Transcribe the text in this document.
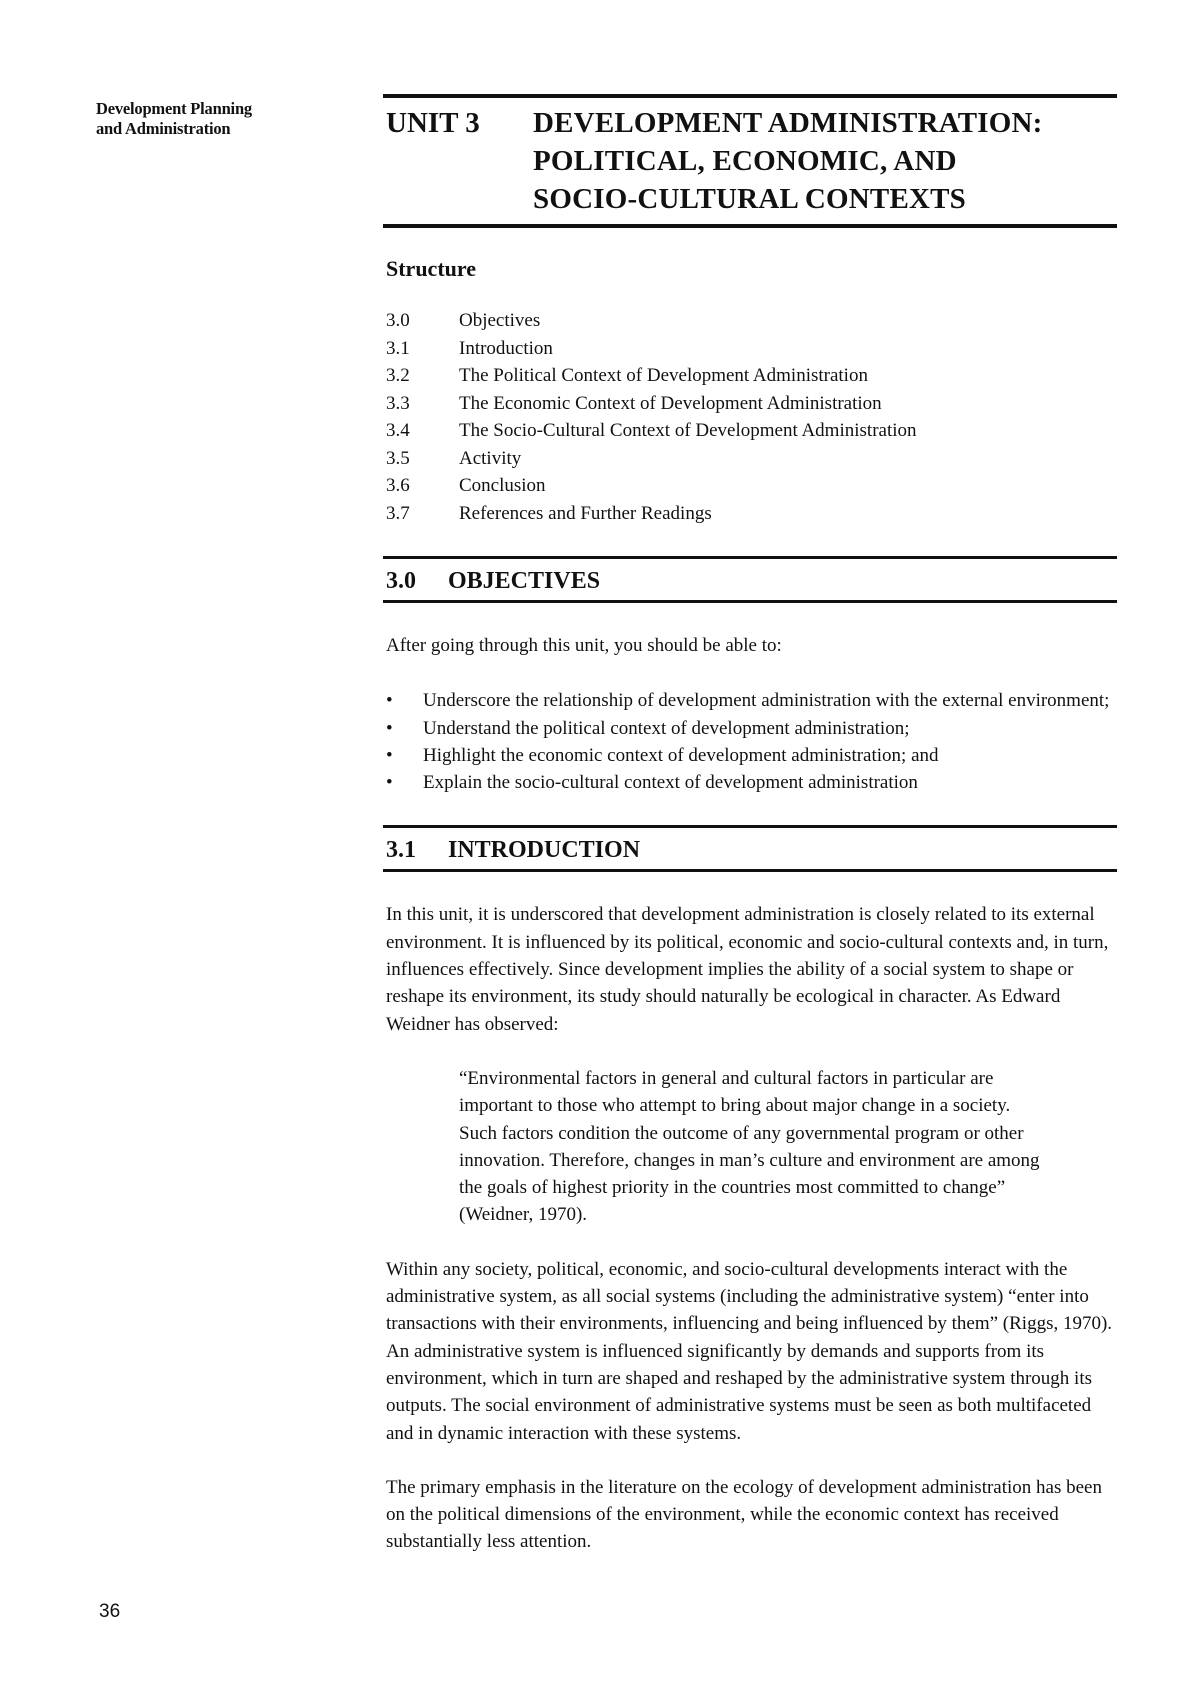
Development Planning
and Administration
36
UNIT 3	DEVELOPMENT ADMINISTRATION:
POLITICAL, ECONOMIC, AND
SOCIO-CULTURAL CONTEXTS
Structure
3.0	Objectives
3.1	Introduction
3.2	The Political Context of Development Administration
3.3	The Economic Context of Development Administration
3.4	The Socio-Cultural Context of Development Administration
3.5	Activity
3.6	Conclusion
3.7	References and Further Readings
3.0	OBJECTIVES

After going through this unit, you should be able to:

•	Underscore the relationship of development administration with the external environment;
•	Understand the political context of development administration;
•	Highlight the economic context of development administration; and
•	Explain the socio-cultural context of development administration
3.1	INTRODUCTION

In this unit, it is underscored that development administration is closely related to its external environment. It is influenced by its political, economic and socio-cultural contexts and, in turn, influences effectively. Since development implies the ability of a social system to shape or reshape its environment, its study should naturally be ecological in character. As Edward Weidner has observed:

“Environmental factors in general and cultural factors in particular are important to those who attempt to bring about major change in a society. Such factors condition the outcome of any governmental program or other innovation. Therefore, changes in man’s culture and environment are among the goals of highest priority in the countries most committed to change” (Weidner, 1970).

Within any society, political, economic, and socio-cultural developments interact with the administrative system, as all social systems (including the administrative system) “enter into transactions with their environments, influencing and being influenced by them” (Riggs, 1970). An administrative system is influenced significantly by demands and supports from its environment, which in turn are shaped and reshaped by the administrative system through its outputs. The social environment of administrative systems must be seen as both multifaceted and in dynamic interaction with these systems.

The primary emphasis in the literature on the ecology of development administration has been on the political dimensions of the environment, while the economic context has received substantially less attention.
